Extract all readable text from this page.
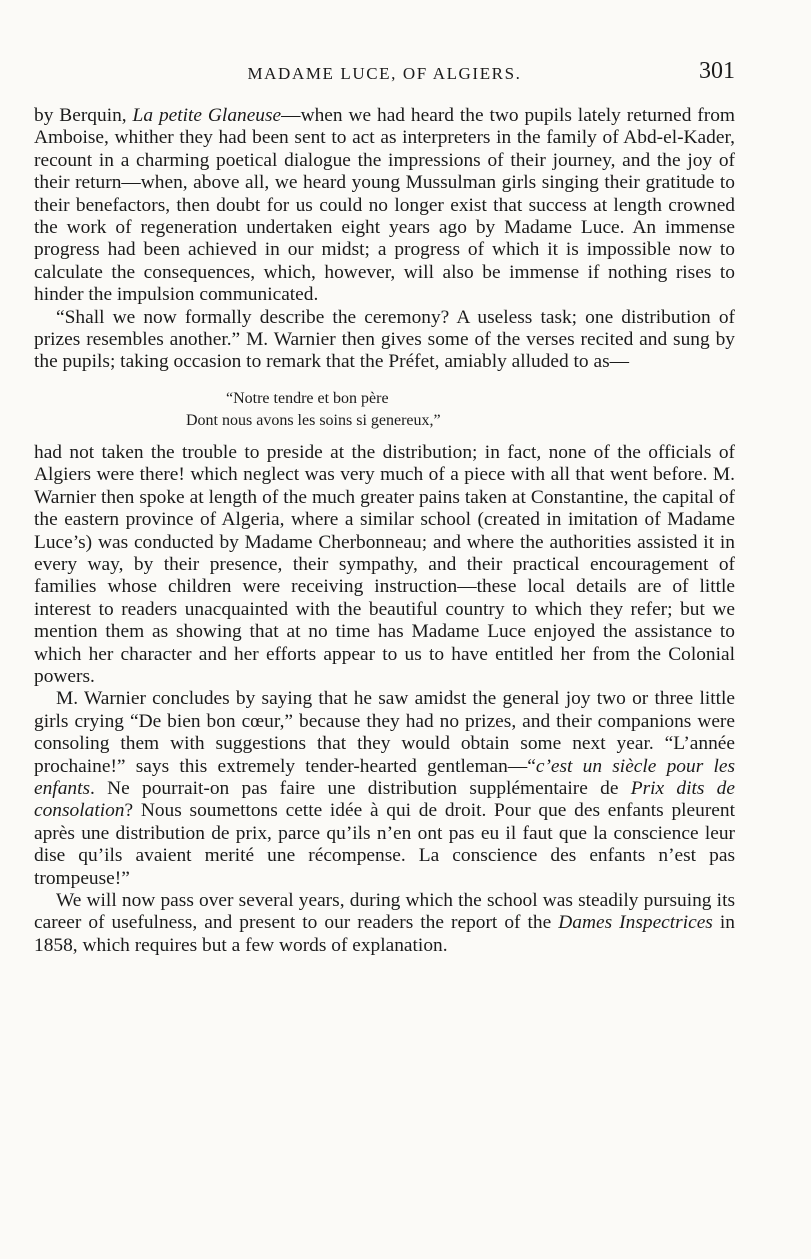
MADAME LUCE, OF ALGIERS.	301

by Berquin, La petite Glaneuse—when we had heard the two pupils lately returned from Amboise, whither they had been sent to act as interpreters in the family of Abd-el-Kader, recount in a charming poetical dialogue the impressions of their journey, and the joy of their return—when, above all, we heard young Mussulman girls singing their gratitude to their benefactors, then doubt for us could no longer exist that success at length crowned the work of regeneration undertaken eight years ago by Madame Luce. An immense progress had been achieved in our midst; a progress of which it is impossible now to calculate the consequences, which, however, will also be immense if nothing rises to hinder the impulsion communicated.

“Shall we now formally describe the ceremony? A useless task; one distribution of prizes resembles another.” M. Warnier then gives some of the verses recited and sung by the pupils; taking occasion to remark that the Préfet, amiably alluded to as—

“Notre tendre et bon père
Dont nous avons les soins si genereux,”

had not taken the trouble to preside at the distribution; in fact, none of the officials of Algiers were there! which neglect was very much of a piece with all that went before. M. Warnier then spoke at length of the much greater pains taken at Constantine, the capital of the eastern province of Algeria, where a similar school (created in imitation of Madame Luce’s) was conducted by Madame Cherbonneau; and where the authorities assisted it in every way, by their presence, their sympathy, and their practical encouragement of families whose children were receiving instruction—these local details are of little interest to readers unacquainted with the beautiful country to which they refer; but we mention them as showing that at no time has Madame Luce enjoyed the assistance to which her character and her efforts appear to us to have entitled her from the Colonial powers.

M. Warnier concludes by saying that he saw amidst the general joy two or three little girls crying “De bien bon cœur,” because they had no prizes, and their companions were consoling them with suggestions that they would obtain some next year. “L’année prochaine!” says this extremely tender-hearted gentleman—“c’est un siècle pour les enfants. Ne pourrait-on pas faire une distribution supplémentaire de Prix dits de consolation? Nous soumettons cette idée à qui de droit. Pour que des enfants pleurent après une distribution de prix, parce qu’ils n’en ont pas eu il faut que la conscience leur dise qu’ils avaient merité une récompense. La conscience des enfants n’est pas trompeuse!”

We will now pass over several years, during which the school was steadily pursuing its career of usefulness, and present to our readers the report of the Dames Inspectrices in 1858, which requires but a few words of explanation.
